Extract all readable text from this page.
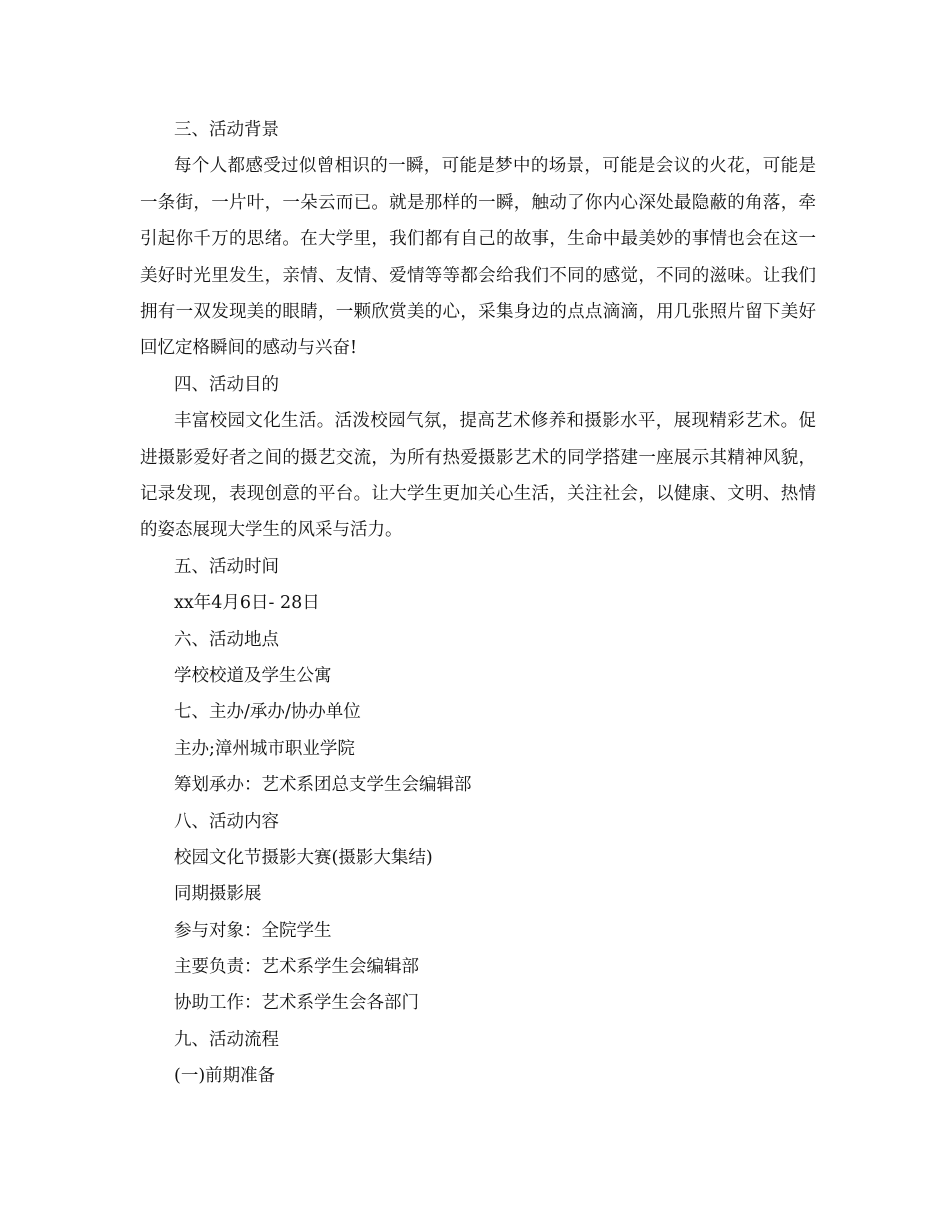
三、活动背景

每个人都感受过似曾相识的一瞬，可能是梦中的场景，可能是会议的火花，可能是一条街，一片叶，一朵云而已。就是那样的一瞬，触动了你内心深处最隐蔽的角落，牵引起你千万的思绪。在大学里，我们都有自己的故事，生命中最美妙的事情也会在这一美好时光里发生，亲情、友情、爱情等等都会给我们不同的感觉，不同的滋味。让我们拥有一双发现美的眼睛，一颗欣赏美的心，采集身边的点点滴滴，用几张照片留下美好回忆定格瞬间的感动与兴奋!

四、活动目的

丰富校园文化生活。活泼校园气氛，提高艺术修养和摄影水平，展现精彩艺术。促进摄影爱好者之间的摄艺交流，为所有热爱摄影艺术的同学搭建一座展示其精神风貌，记录发现，表现创意的平台。让大学生更加关心生活，关注社会，以健康、文明、热情的姿态展现大学生的风采与活力。

五、活动时间
xx年4月6日- 28日
六、活动地点
学校校道及学生公寓
七、主办/承办/协办单位
主办;漳州城市职业学院
筹划承办：艺术系团总支学生会编辑部
八、活动内容
校园文化节摄影大赛(摄影大集结)
同期摄影展
参与对象：全院学生
主要负责：艺术系学生会编辑部
协助工作：艺术系学生会各部门
九、活动流程
(一)前期准备
